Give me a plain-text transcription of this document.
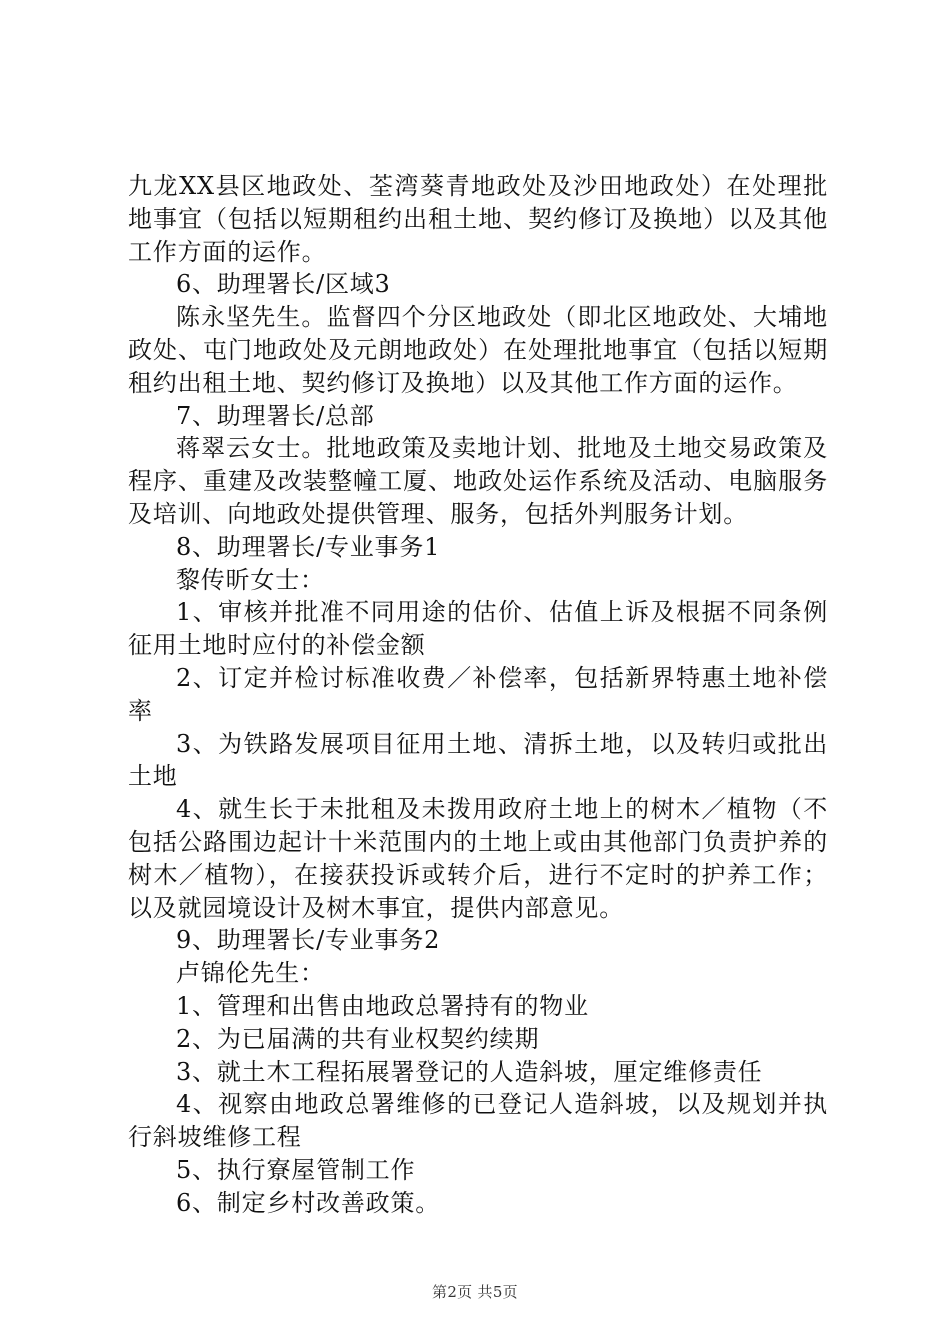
九龙XX县区地政处、荃湾葵青地政处及沙田地政处）在处理批地事宜（包括以短期租约出租土地、契约修订及换地）以及其他工作方面的运作。

6、助理署长/区域3

陈永坚先生。监督四个分区地政处（即北区地政处、大埔地政处、屯门地政处及元朗地政处）在处理批地事宜（包括以短期租约出租土地、契约修订及换地）以及其他工作方面的运作。

7、助理署长/总部

蒋翠云女士。批地政策及卖地计划、批地及土地交易政策及程序、重建及改装整幢工厦、地政处运作系统及活动、电脑服务及培训、向地政处提供管理、服务，包括外判服务计划。

8、助理署长/专业事务1

黎传昕女士：

1、审核并批准不同用途的估价、估值上诉及根据不同条例征用土地时应付的补偿金额

2、订定并检讨标准收费／补偿率，包括新界特惠土地补偿率

3、为铁路发展项目征用土地、清拆土地，以及转归或批出土地

4、就生长于未批租及未拨用政府土地上的树木／植物（不包括公路围边起计十米范围内的土地上或由其他部门负责护养的树木／植物），在接获投诉或转介后，进行不定时的护养工作；以及就园境设计及树木事宜，提供内部意见。

9、助理署长/专业事务2

卢锦伦先生：

1、管理和出售由地政总署持有的物业

2、为已届满的共有业权契约续期

3、就土木工程拓展署登记的人造斜坡，厘定维修责任

4、视察由地政总署维修的已登记人造斜坡，以及规划并执行斜坡维修工程

5、执行寮屋管制工作

6、制定乡村改善政策。

第2页 共5页
